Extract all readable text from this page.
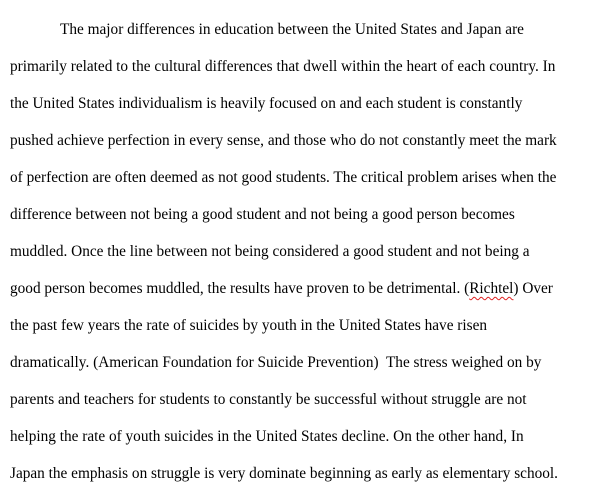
The major differences in education between the United States and Japan are
primarily related to the cultural differences that dwell within the heart of each country. In
the United States individualism is heavily focused on and each student is constantly
pushed achieve perfection in every sense, and those who do not constantly meet the mark
of perfection are often deemed as not good students. The critical problem arises when the
difference between not being a good student and not being a good person becomes
muddled. Once the line between not being considered a good student and not being a
good person becomes muddled, the results have proven to be detrimental. (Richtel) Over
the past few years the rate of suicides by youth in the United States have risen
dramatically. (American Foundation for Suicide Prevention)  The stress weighed on by
parents and teachers for students to constantly be successful without struggle are not
helping the rate of youth suicides in the United States decline. On the other hand, In
Japan the emphasis on struggle is very dominate beginning as early as elementary school.
